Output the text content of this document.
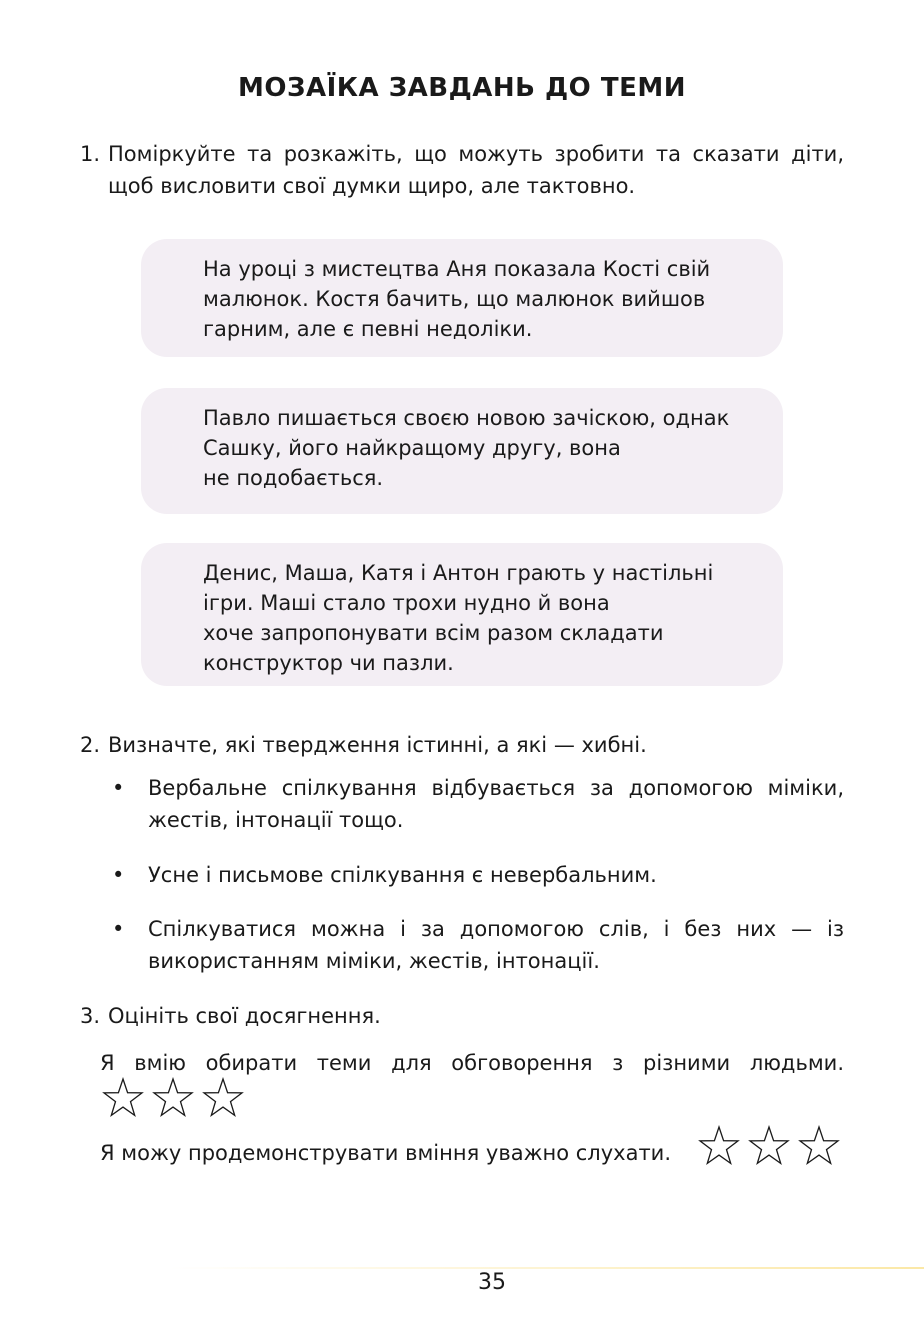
МОЗАЇКА ЗАВДАНЬ ДО ТЕМИ
1. Поміркуйте та розкажіть, що можуть зробити та сказати діти, щоб висловити свої думки щиро, але тактовно.
На уроці з мистецтва Аня показала Кості свій
малюнок. Костя бачить, що малюнок вийшов
гарним, але є певні недоліки.
Павло пишається своєю новою зачіскою, однак
Сашку, його найкращому другу, вона
не подобається.
Денис, Маша, Катя і Антон грають у настільні
ігри. Маші стало трохи нудно й вона
хоче запропонувати всім разом складати
конструктор чи пазли.
2. Визначте, які твердження істинні, а які — хибні.
• Вербальне спілкування відбувається за допомогою міміки, жестів, інтонації тощо.
• Усне і письмове спілкування є невербальним.
• Спілкуватися можна і за допомогою слів, і без них — із використанням міміки, жестів, інтонації.
3. Оцініть свої досягнення.
Я вмію обирати теми для обговорення з різними людьми.
Я можу продемонструвати вміння уважно слухати.
35
